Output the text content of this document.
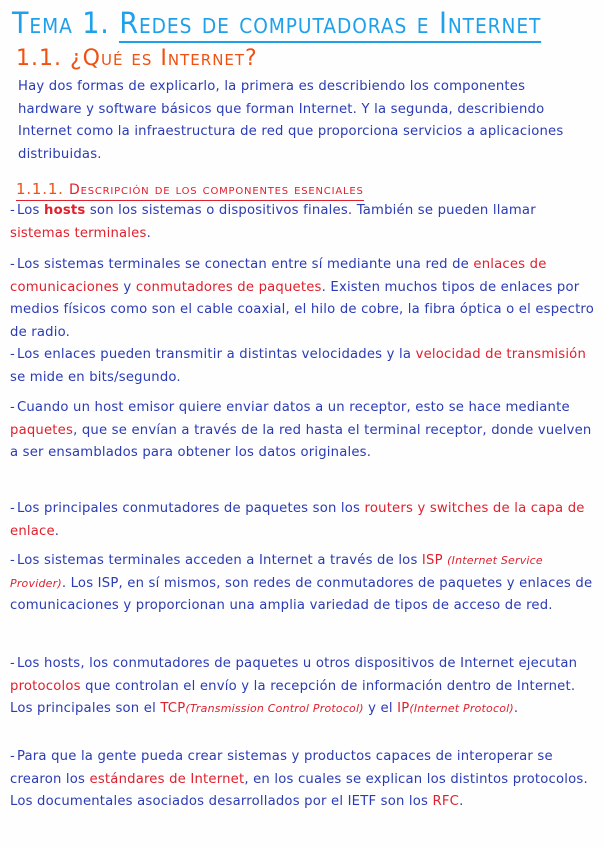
Tema 1. Redes de computadoras e Internet
1.1. ¿Qué es Internet?
Hay dos formas de explicarlo, la primera es describiendo los componentes hardware y software básicos que forman Internet. Y la segunda, describiendo Internet como la infraestructura de red que proporciona servicios a aplicaciones distribuidas.
1.1.1. Descripción de los componentes esenciales
- Los hosts son los sistemas o dispositivos finales. También se pueden llamar sistemas terminales.
- Los sistemas terminales se conectan entre sí mediante una red de enlaces de comunicaciones y conmutadores de paquetes. Existen muchos tipos de enlaces por medios físicos como son el cable coaxial, el hilo de cobre, la fibra óptica o el espectro de radio.
- Los enlaces pueden transmitir a distintas velocidades y la velocidad de transmisión se mide en bits/segundo.
- Cuando un host emisor quiere enviar datos a un receptor, esto se hace mediante paquetes, que se envían a través de la red hasta el terminal receptor, donde vuelven a ser ensamblados para obtener los datos originales.
- Los principales conmutadores de paquetes son los routers y switches de la capa de enlace.
- Los sistemas terminales acceden a Internet a través de los ISP (Internet Service Provider). Los ISP, en sí mismos, son redes de conmutadores de paquetes y enlaces de comunicaciones y proporcionan una amplia variedad de tipos de acceso de red.
- Los hosts, los conmutadores de paquetes u otros dispositivos de Internet ejecutan protocolos que controlan el envío y la recepción de información dentro de Internet. Los principales son el TCP(Transmission Control Protocol) y el IP(Internet Protocol).
- Para que la gente pueda crear sistemas y productos capaces de interoperar se crearon los estándares de Internet, en los cuales se explican los distintos protocolos. Los documentales asociados desarrollados por el IETF son los RFC.
